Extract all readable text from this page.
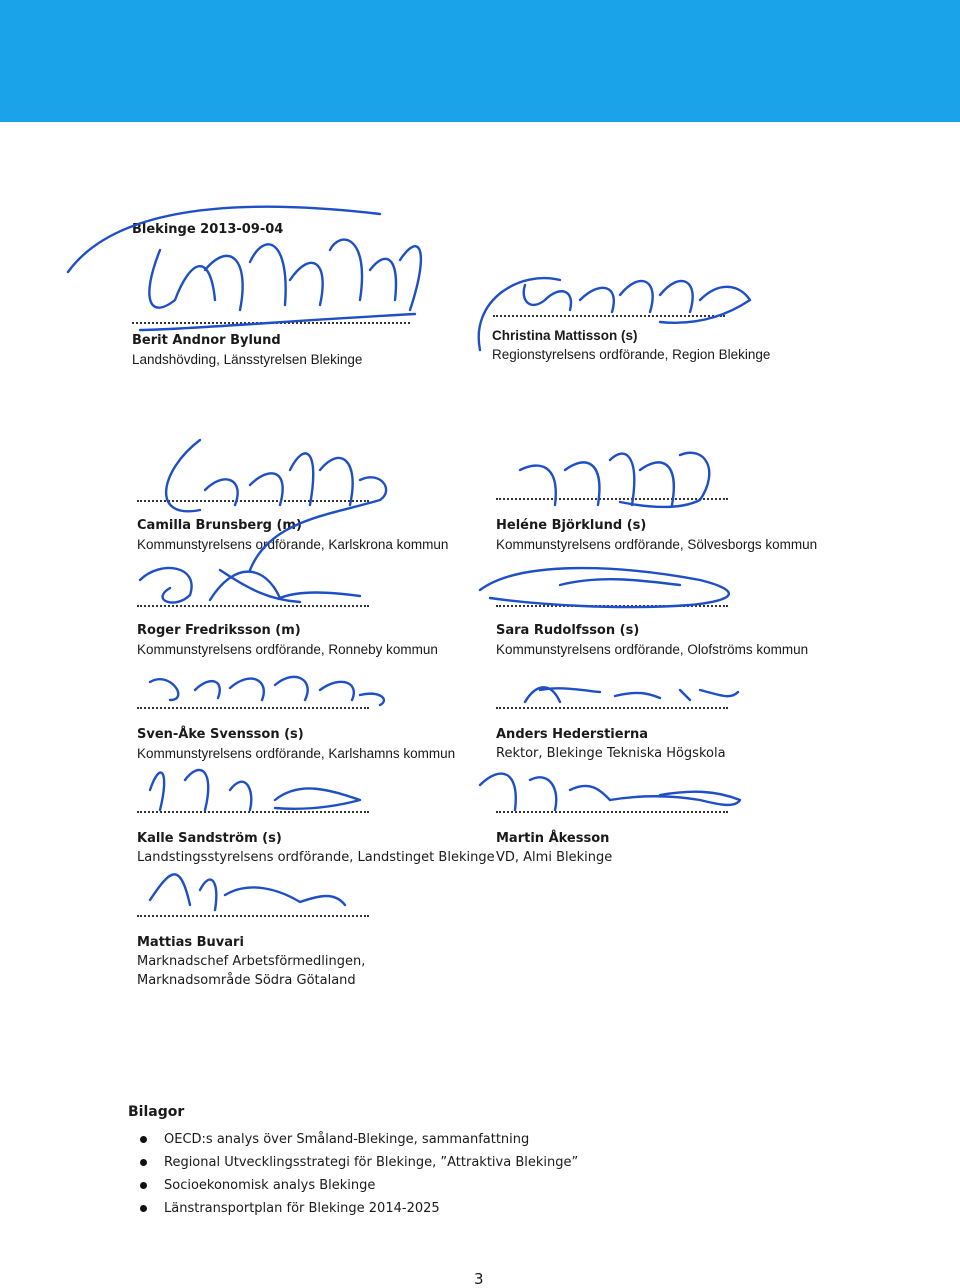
Blekinge 2013-09-04
Berit Andnor Bylund
Landshövding, Länsstyrelsen Blekinge
Christina Mattisson (s)
Regionstyrelsens ordförande, Region Blekinge
Camilla Brunsberg (m)
Kommunstyrelsens ordförande, Karlskrona kommun
Heléne Björklund (s)
Kommunstyrelsens ordförande, Sölvesborgs kommun
Roger Fredriksson (m)
Kommunstyrelsens ordförande, Ronneby kommun
Sara Rudolfsson (s)
Kommunstyrelsens ordförande, Olofströms kommun
Sven-Åke Svensson (s)
Kommunstyrelsens ordförande, Karlshamns kommun
Anders Hederstierna
Rektor, Blekinge Tekniska Högskola
Kalle Sandström (s)
Landstingsstyrelsens ordförande, Landstinget Blekinge
Martin Åkesson
VD, Almi Blekinge
Mattias Buvari
Marknadschef Arbetsförmedlingen,
Marknadsområde Södra Götaland
Bilagor
OECD:s analys över Småland-Blekinge, sammanfattning
Regional Utvecklingsstrategi för Blekinge, ”Attraktiva Blekinge”
Socioekonomisk analys Blekinge
Länstransportplan för Blekinge 2014-2025
3
